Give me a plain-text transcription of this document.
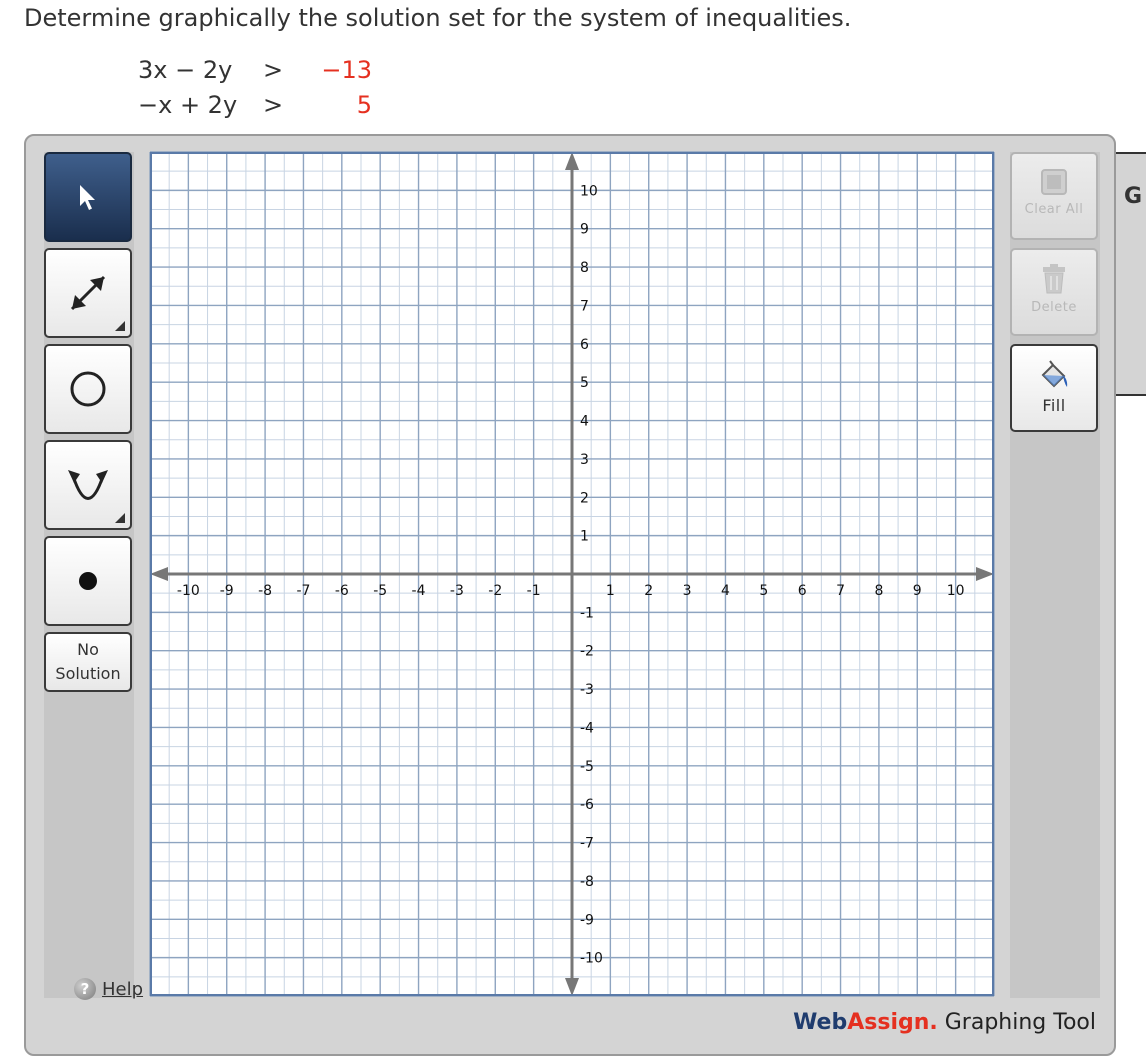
Determine graphically the solution set for the system of inequalities.
3x − 2y >	−13
−x + 2y >	5
No
Solution
? Help
-10 -9 -8 -7 -6 -5 -4 -3 -2 -1	1 2 3 4 5 6 7 8 9 10
10
9
8
7
6
5
4
3
2
1
-1
-2
-3
-4
-5
-6
-7
-8
-9
-10
Clear All
Delete
Fill
WebAssign. Graphing Tool
G
